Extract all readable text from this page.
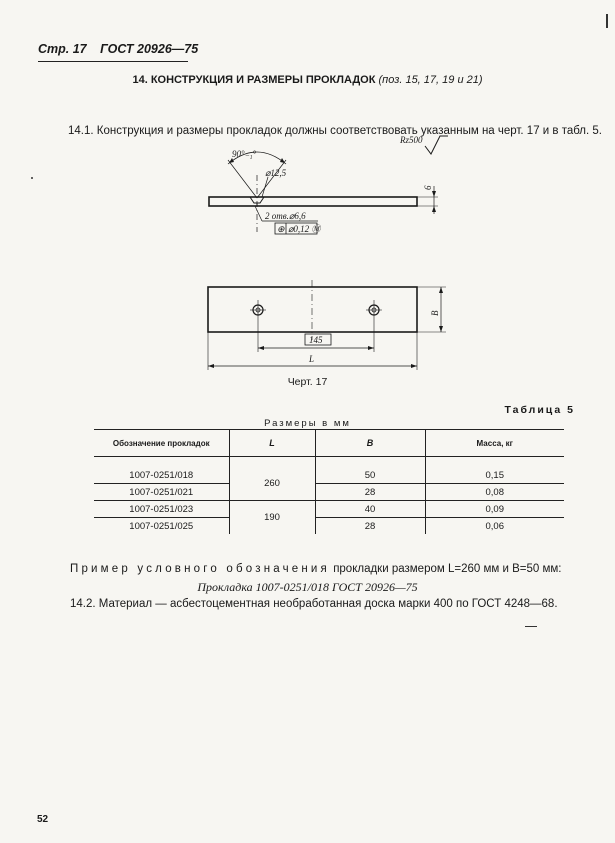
Стр. 17 ГОСТ 20926—75
14. КОНСТРУКЦИЯ И РАЗМЕРЫ ПРОКЛАДОК (поз. 15, 17, 19 и 21)
14.1. Конструкция и размеры прокладок должны соответствовать указанным на черт. 17 и в табл. 5.
Rz500
90°₋₁°
⌀12,5
6
2 отв.⌀6,6
⊕ ⌀0,12 Ⓜ
B
145
L
Черт. 17
Таблица 5
Размеры в мм
Обозначение прокладок	L	B	Масса, кг

1007-0251/018	260	50	0,15
1007-0251/021		28	0,08
1007-0251/023	190	40	0,09
1007-0251/025		28	0,06
Пример условного обозначения прокладки размером L=260 мм и B=50 мм:
Прокладка 1007-0251/018 ГОСТ 20926—75
14.2. Материал — асбестоцементная необработанная доска марки 400 по ГОСТ 4248—68.
52
